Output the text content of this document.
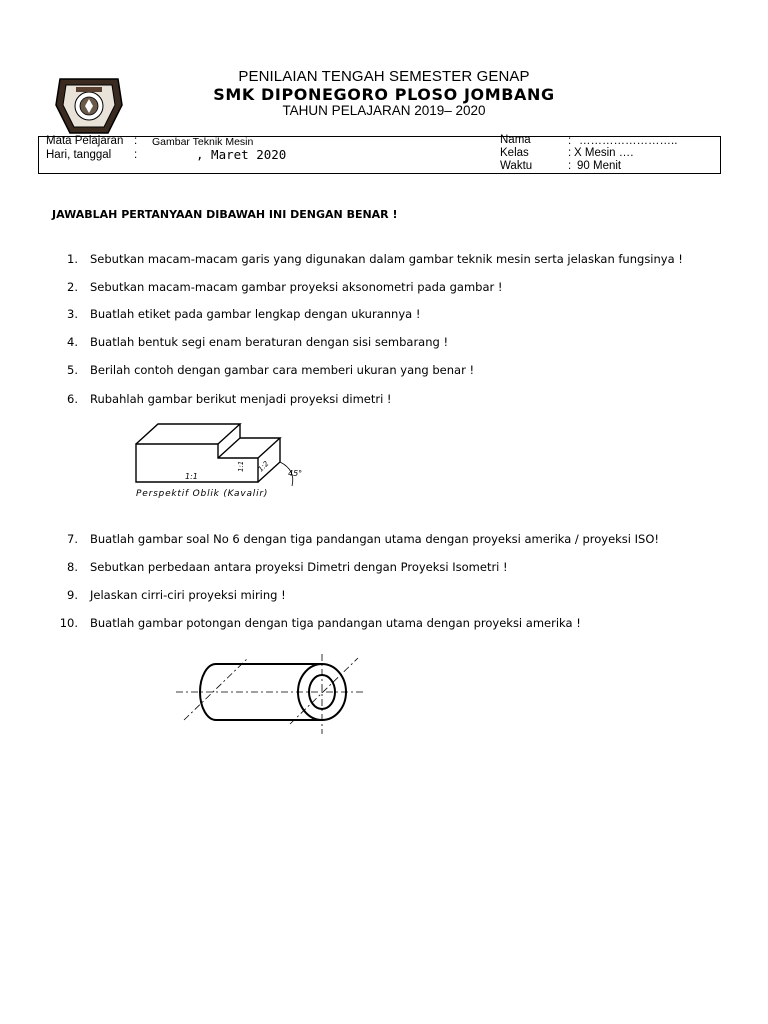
PENILAIAN TENGAH SEMESTER GENAP
SMK DIPONEGORO PLOSO JOMBANG
TAHUN PELAJARAN 2019– 2020
Mata Pelajaran : Gambar Teknik Mesin
Hari, tanggal :	, Maret 2020
Nama	: ……………………..
Kelas	: X Mesin ….
Waktu	: 90 Menit
JAWABLAH PERTANYAAN DIBAWAH INI DENGAN BENAR !
1. Sebutkan macam-macam garis yang digunakan dalam gambar teknik mesin serta jelaskan fungsinya !
2. Sebutkan macam-macam gambar proyeksi aksonometri pada gambar !
3. Buatlah etiket pada gambar lengkap dengan ukurannya !
4. Buatlah bentuk segi enam beraturan dengan sisi sembarang !
5. Berilah contoh dengan gambar cara memberi ukuran yang benar !
6. Rubahlah gambar berikut menjadi proyeksi dimetri !
1:1
1:1 1:2
45°
Perspektif Oblik (Kavalir)
7. Buatlah gambar soal No 6 dengan tiga pandangan utama dengan proyeksi amerika / proyeksi ISO!
8. Sebutkan perbedaan antara proyeksi Dimetri dengan Proyeksi Isometri !
9. Jelaskan cirri-ciri proyeksi miring !
10. Buatlah gambar potongan dengan tiga pandangan utama dengan proyeksi amerika !
